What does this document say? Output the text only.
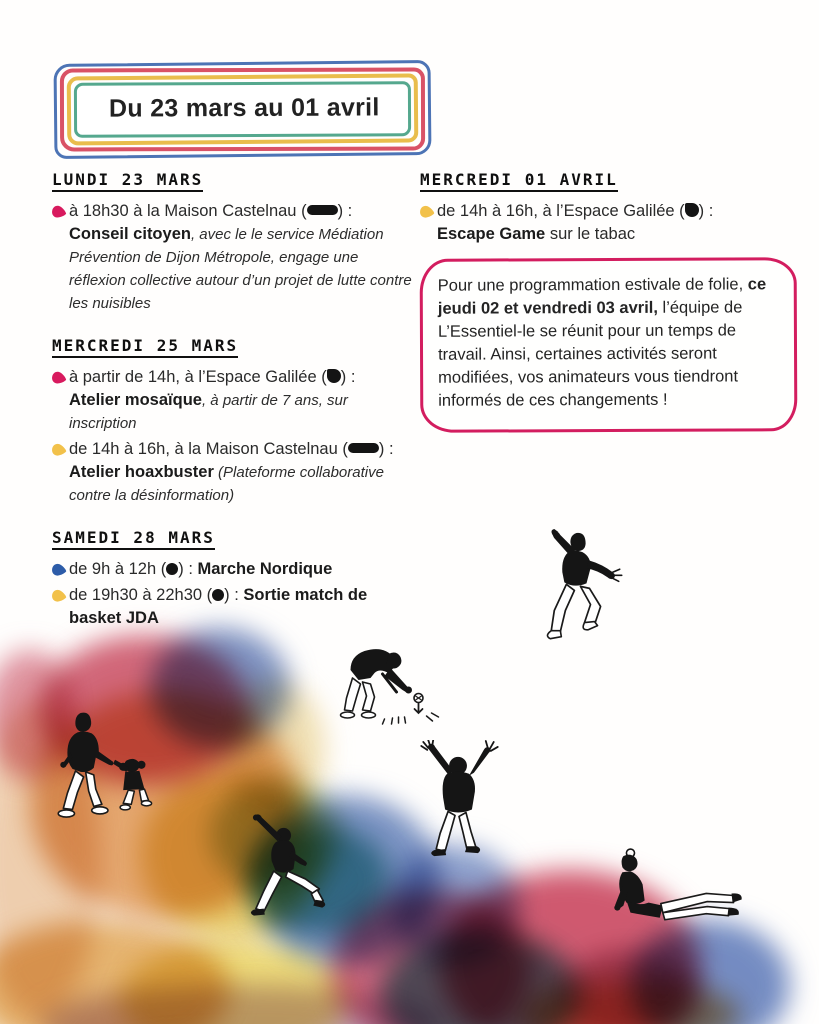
Du 23 mars au 01 avril
LUNDI 23 MARS

à 18h30 à la Maison Castelnau ( ) :
Conseil citoyen, avec le le service Médiation Prévention de Dijon Métropole, engage une réflexion collective autour d’un projet de lutte contre les nuisibles

MERCREDI 25 MARS

à partir de 14h, à l’Espace Galilée ( ) :
Atelier mosaïque, à partir de 7 ans, sur inscription

de 14h à 16h, à la Maison Castelnau ( ) :
Atelier hoaxbuster (Plateforme collaborative contre la désinformation)

SAMEDI 28 MARS

de 9h à 12h ( ) : Marche Nordique

de 19h30 à 22h30 ( ) : Sortie match de basket JDA

MERCREDI 01 AVRIL

de 14h à 16h, à l’Espace Galilée ( ) :
Escape Game sur le tabac

Pour une programmation estivale de folie, ce jeudi 02 et vendredi 03 avril, l’équipe de L’Essentiel-le se réunit pour un temps de travail. Ainsi, certaines activités seront modifiées, vos animateurs vous tiendront informés de ces changements !
